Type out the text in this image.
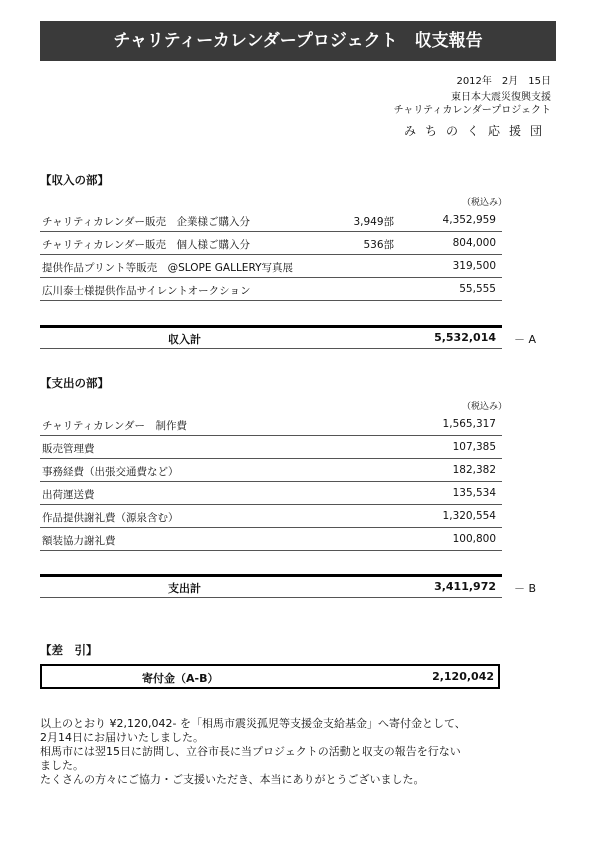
チャリティーカレンダープロジェクト　収支報告
2012年　2月　15日
東日本大震災復興支援
チャリティカレンダープロジェクト
みちのく応援団
【収入の部】
（税込み）
チャリティカレンダー販売　企業様ご購入分	3,949部	4,352,959
チャリティカレンダー販売　個人様ご購入分	536部	804,000
提供作品プリント等販売　@SLOPE GALLERY写真展	319,500
広川泰士様提供作品サイレントオークション	55,555
収入計	5,532,014 － A
【支出の部】
（税込み）
チャリティカレンダー　制作費	1,565,317
販売管理費	107,385
事務経費（出張交通費など）	182,382
出荷運送費	135,534
作品提供謝礼費（源泉含む）	1,320,554
額装協力謝礼費	100,800
支出計	3,411,972 － B
【差　引】
寄付金（A-B）	2,120,042
以上のとおり ¥2,120,042- を「相馬市震災孤児等支援金支給基金」へ寄付金として、
2月14日にお届けいたしました。
相馬市には翌15日に訪問し、立谷市長に当プロジェクトの活動と収支の報告を行ない
ました。
たくさんの方々にご協力・ご支援いただき、本当にありがとうございました。
